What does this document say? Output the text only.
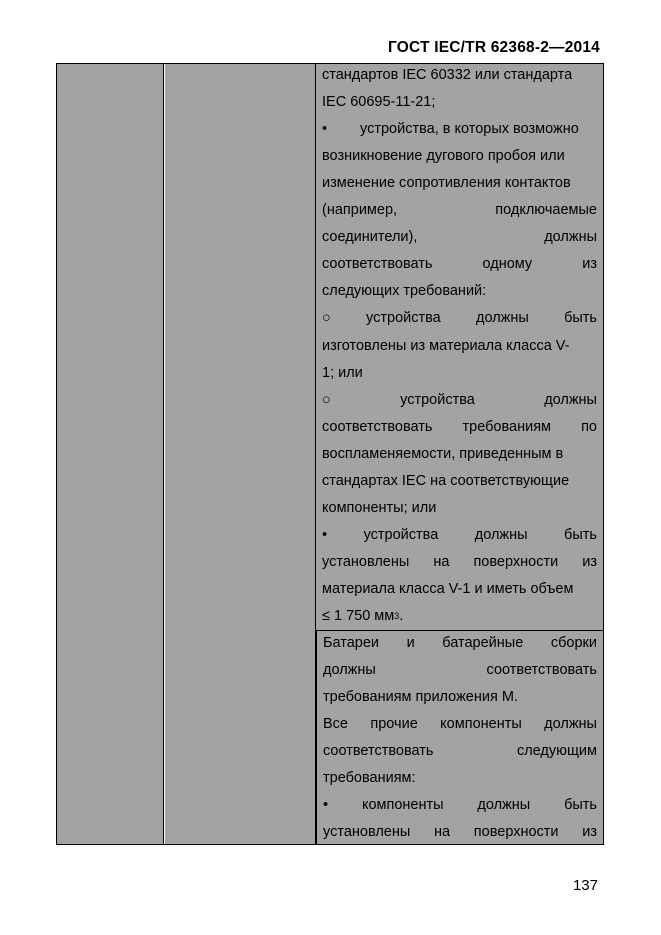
ГОСТ IEC/TR 62368-2—2014
стандартов IEC 60332 или стандарта
IEC 60695-11-21;
•	устройства, в которых возможно
возникновение дугового пробоя или
изменение сопротивления контактов
(например,	подключаемые
соединители),	должны
соответствовать	одному	из
следующих требований:
○ устройства должны быть
изготовлены из материала класса V-
1; или
○	устройства	должны
соответствовать требованиям по
воспламеняемости, приведенным в
стандартах IEC на соответствующие
компоненты; или
•	устройства	должны	быть
установлены на поверхности из
материала класса V-1 и иметь объем
≤ 1 750 мм 3 .
Батареи и батарейные сборки
должны	соответствовать
требованиям приложения М.
Все прочие компоненты должны
соответствовать	следующим
требованиям:
• компоненты должны быть
установлены на поверхности из
137
